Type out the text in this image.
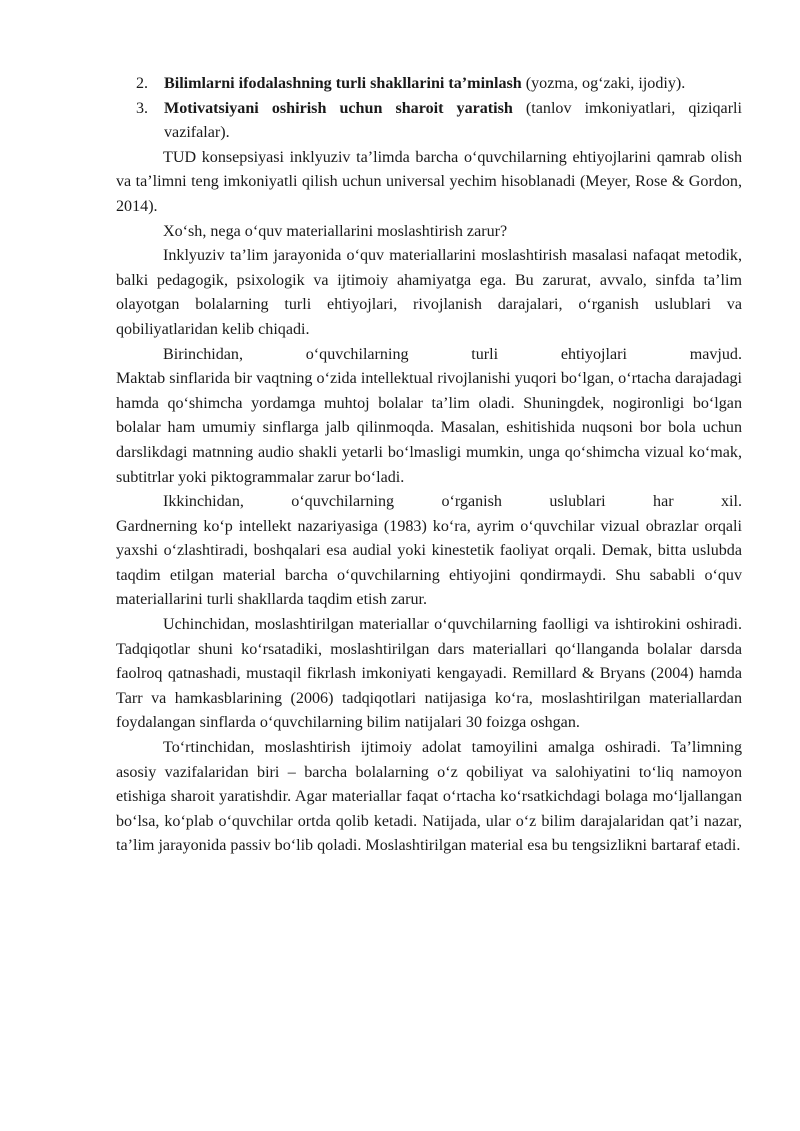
2. Bilimlarni ifodalashning turli shakllarini ta’minlash (yozma, og‘zaki, ijodiy).
3. Motivatsiyani oshirish uchun sharoit yaratish (tanlov imkoniyatlari, qiziqarli vazifalar).
TUD konsepsiyasi inklyuziv ta’limda barcha o‘quvchilarning ehtiyojlarini qamrab olish va ta’limni teng imkoniyatli qilish uchun universal yechim hisoblanadi (Meyer, Rose & Gordon, 2014).
Xo‘sh, nega o‘quv materiallarini moslashtirish zarur?
Inklyuziv ta’lim jarayonida o‘quv materiallarini moslashtirish masalasi nafaqat metodik, balki pedagogik, psixologik va ijtimoiy ahamiyatga ega. Bu zarurat, avvalo, sinfda ta’lim olayotgan bolalarning turli ehtiyojlari, rivojlanish darajalari, o‘rganish uslublari va qobiliyatlaridan kelib chiqadi.
Birinchidan, o‘quvchilarning turli ehtiyojlari mavjud.
Maktab sinflarida bir vaqtning o‘zida intellektual rivojlanishi yuqori bo‘lgan, o‘rtacha darajadagi hamda qo‘shimcha yordamga muhtoj bolalar ta’lim oladi. Shuningdek, nogironligi bo‘lgan bolalar ham umumiy sinflarga jalb qilinmoqda. Masalan, eshitishida nuqsoni bor bola uchun darslikdagi matnning audio shakli yetarli bo‘lmasligi mumkin, unga qo‘shimcha vizual ko‘mak, subtitrlar yoki piktogrammalar zarur bo‘ladi.
Ikkinchidan, o‘quvchilarning o‘rganish uslublari har xil.
Gardnerning ko‘p intellekt nazariyasiga (1983) ko‘ra, ayrim o‘quvchilar vizual obrazlar orqali yaxshi o‘zlashtiradi, boshqalari esa audial yoki kinestetik faoliyat orqali. Demak, bitta uslubda taqdim etilgan material barcha o‘quvchilarning ehtiyojini qondirmaydi. Shu sababli o‘quv materiallarini turli shakllarda taqdim etish zarur.
Uchinchidan, moslashtirilgan materiallar o‘quvchilarning faolligi va ishtirokini oshiradi.
Tadqiqotlar shuni ko‘rsatadiki, moslashtirilgan dars materiallari qo‘llanganda bolalar darsda faolroq qatnashadi, mustaqil fikrlash imkoniyati kengayadi. Remillard & Bryans (2004) hamda Tarr va hamkasblarining (2006) tadqiqotlari natijasiga ko‘ra, moslashtirilgan materiallardan foydalangan sinflarda o‘quvchilarning bilim natijalari 30 foizga oshgan.
To‘rtinchidan, moslashtirish ijtimoiy adolat tamoyilini amalga oshiradi. Ta’limning asosiy vazifalaridan biri – barcha bolalarning o‘z qobiliyat va salohiyatini to‘liq namoyon etishiga sharoit yaratishdir. Agar materiallar faqat o‘rtacha ko‘rsatkichdagi bolaga mo‘ljallangan bo‘lsa, ko‘plab o‘quvchilar ortda qolib ketadi. Natijada, ular o‘z bilim darajalaridan qat’i nazar, ta’lim jarayonida passiv bo‘lib qoladi. Moslashtirilgan material esa bu tengsizlikni bartaraf etadi.
